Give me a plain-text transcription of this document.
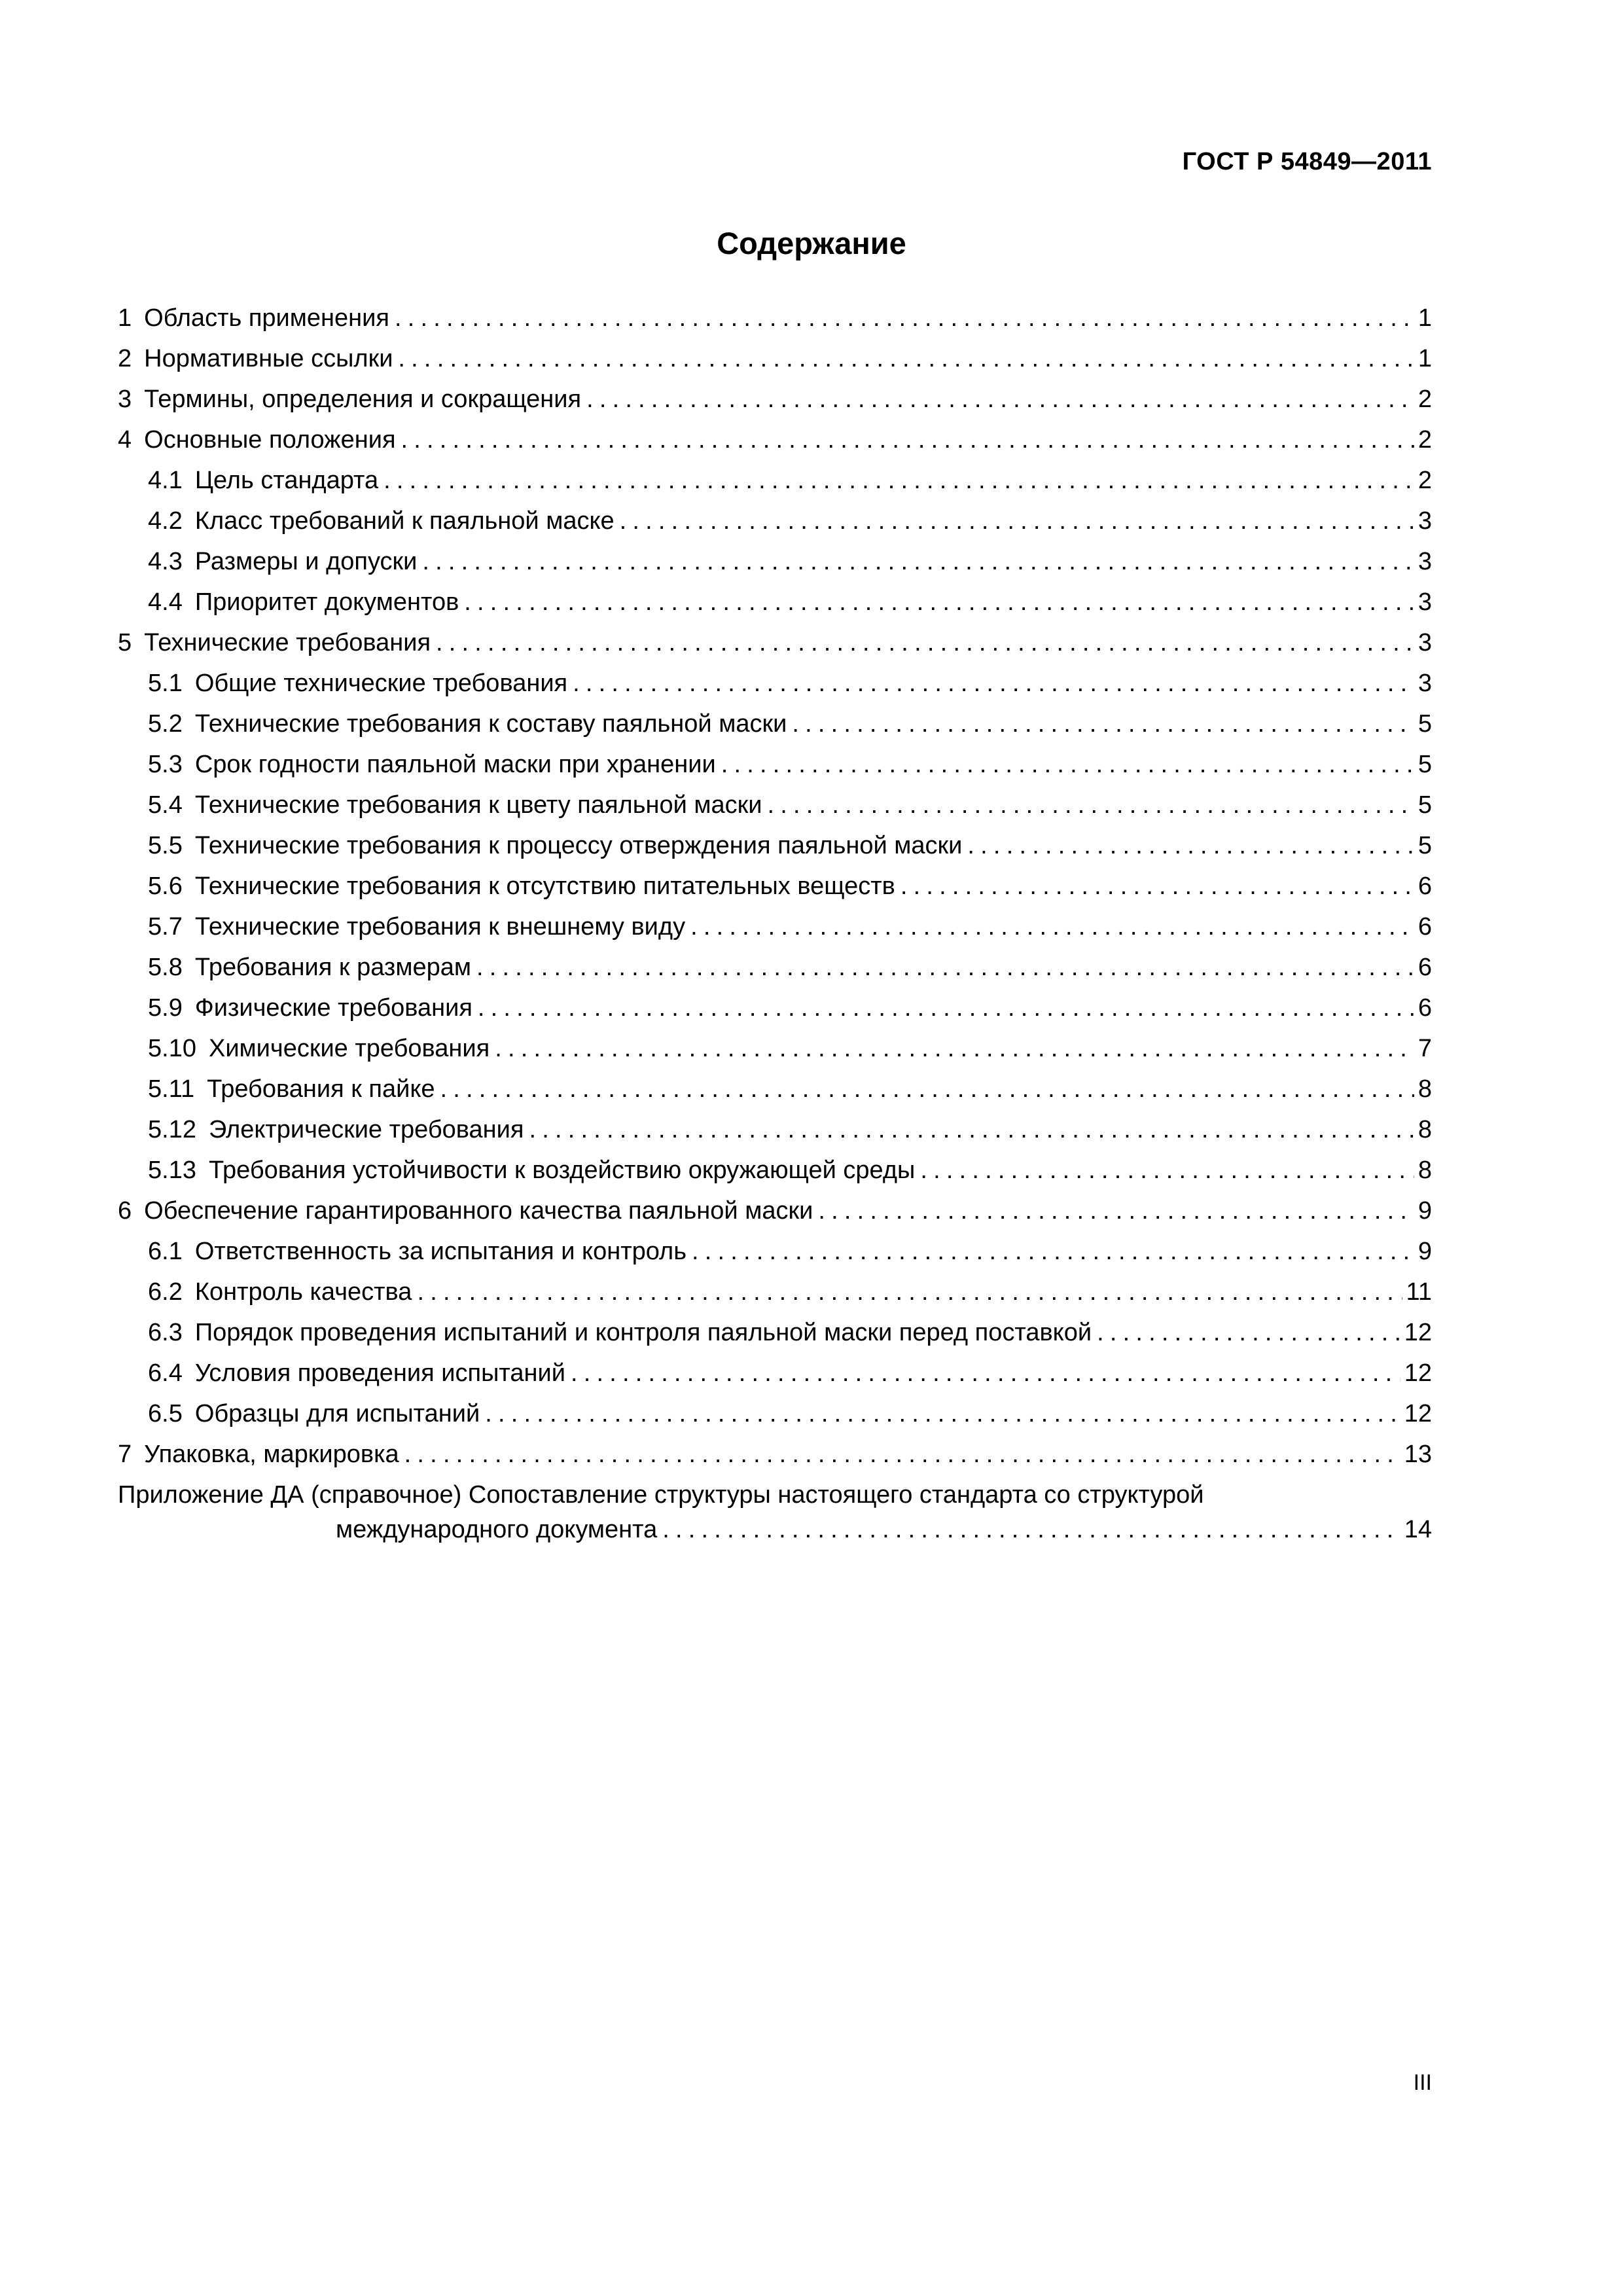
ГОСТ Р 54849—2011
Содержание
1 Область применения .....	1
2 Нормативные ссылки .....	1
3 Термины, определения и сокращения .....	2
4 Основные положения .....	2
4.1 Цель стандарта .....	2
4.2 Класс требований к паяльной маске .....	3
4.3 Размеры и допуски .....	3
4.4 Приоритет документов .....	3
5 Технические требования .....	3
5.1 Общие технические требования .....	3
5.2 Технические требования к составу паяльной маски .....	5
5.3 Срок годности паяльной маски при хранении .....	5
5.4 Технические требования к цвету паяльной маски .....	5
5.5 Технические требования к процессу отверждения паяльной маски .....	5
5.6 Технические требования к отсутствию питательных веществ .....	6
5.7 Технические требования к внешнему виду .....	6
5.8 Требования к размерам .....	6
5.9 Физические требования .....	6
5.10 Химические требования .....	7
5.11 Требования к пайке .....	8
5.12 Электрические требования .....	8
5.13 Требования устойчивости к воздействию окружающей среды .....	8
6 Обеспечение гарантированного качества паяльной маски .....	9
6.1 Ответственность за испытания и контроль .....	9
6.2 Контроль качества .....	11
6.3 Порядок проведения испытаний и контроля паяльной маски перед поставкой .....	12
6.4 Условия проведения испытаний .....	12
6.5 Образцы для испытаний .....	12
7 Упаковка, маркировка .....	13
Приложение ДА (справочное) Сопоставление структуры настоящего стандарта со структурой
международного документа .....	14
III
